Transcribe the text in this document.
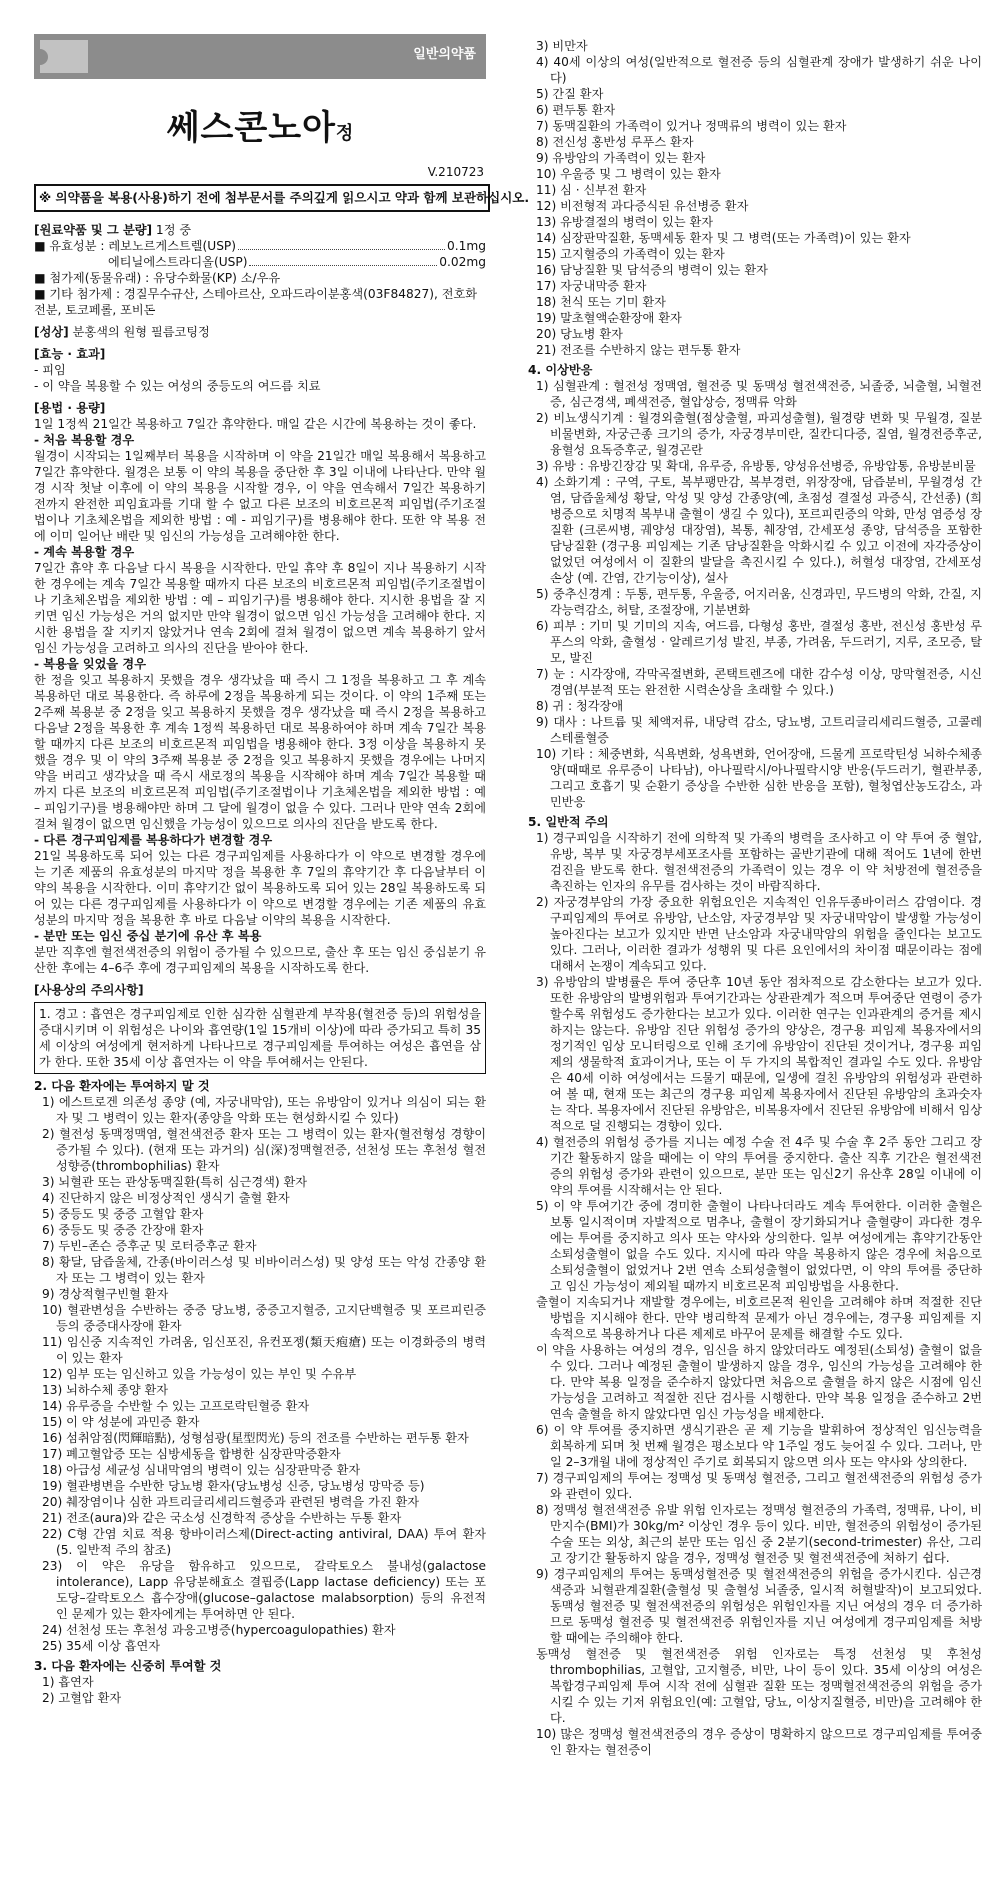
일반의약품
쎄스콘노아정
V.210723
※ 의약품을 복용(사용)하기 전에 첨부문서를 주의깊게 읽으시고 약과 함께 보관하십시오.
[원료약품 및 그 분량] 1정 중
■ 유효성분 : 레보노르게스트렐(USP)	0.1mg
에티닐에스트라디올(USP)	0.02mg
■ 첨가제(동물유래) : 유당수화물(KP) 소/우유
■ 기타 첨가제 : 경질무수규산, 스테아르산, 오파드라이분홍색(03F84827), 전호화전분, 토코페롤, 포비돈
[성상] 분홍색의 원형 필름코팅정
[효능 · 효과]
- 피임
- 이 약을 복용할 수 있는 여성의 중등도의 여드름 치료
[용법 · 용량]
1일 1정씩 21일간 복용하고 7일간 휴약한다. 매일 같은 시간에 복용하는 것이 좋다.
- 처음 복용할 경우
월경이 시작되는 1일째부터 복용을 시작하며 이 약을 21일간 매일 복용해서 복용하고 7일간 휴약한다. 월경은 보통 이 약의 복용을 중단한 후 3일 이내에 나타난다. 만약 월경 시작 첫날 이후에 이 약의 복용을 시작할 경우, 이 약을 연속해서 7일간 복용하기 전까지 완전한 피임효과를 기대 할 수 없고 다른 보조의 비호르몬적 피임법(주기조절법이나 기초체온법을 제외한 방법 : 예 - 피임기구)를 병용해야 한다. 또한 약 복용 전에 이미 일어난 배란 및 임신의 가능성을 고려해야한 한다.
- 계속 복용할 경우
7일간 휴약 후 다음날 다시 복용을 시작한다. 만일 휴약 후 8일이 지나 복용하기 시작한 경우에는 계속 7일간 복용할 때까지 다른 보조의 비호르몬적 피임법(주기조절법이나 기초체온법을 제외한 방법 : 예 – 피임기구)를 병용해야 한다. 지시한 용법을 잘 지키면 임신 가능성은 거의 없지만 만약 월경이 없으면 임신 가능성을 고려해야 한다. 지시한 용법을 잘 지키지 않았거나 연속 2회에 걸쳐 월경이 없으면 계속 복용하기 앞서 임신 가능성을 고려하고 의사의 진단을 받아야 한다.
- 복용을 잊었을 경우
한 정을 잊고 복용하지 못했을 경우 생각났을 때 즉시 그 1정을 복용하고 그 후 계속 복용하던 대로 복용한다. 즉 하루에 2정을 복용하게 되는 것이다. 이 약의 1주째 또는 2주째 복용분 중 2정을 잊고 복용하지 못했을 경우 생각났을 때 즉시 2정을 복용하고 다음날 2정을 복용한 후 계속 1정씩 복용하던 대로 복용하여야 하며 계속 7일간 복용할 때까지 다른 보조의 비호르몬적 피임법을 병용해야 한다. 3정 이상을 복용하지 못했을 경우 및 이 약의 3주째 복용분 중 2정을 잊고 복용하지 못했을 경우에는 나머지 약을 버리고 생각났을 때 즉시 새로정의 복용을 시작해야 하며 계속 7일간 복용할 때까지 다른 보조의 비호르몬적 피임법(주기조절법이나 기초체온법을 제외한 방법 : 예 – 피임기구)를 병용해야만 하며 그 달에 월경이 없을 수 있다. 그러나 만약 연속 2회에 걸쳐 월경이 없으면 임신했을 가능성이 있으므로 의사의 진단을 받도록 한다.
- 다른 경구피임제를 복용하다가 변경할 경우
21일 복용하도록 되어 있는 다른 경구피임제를 사용하다가 이 약으로 변경할 경우에는 기존 제품의 유효성분의 마지막 정을 복용한 후 7일의 휴약기간 후 다음날부터 이 약의 복용을 시작한다. 이미 휴약기간 없이 복용하도록 되어 있는 28일 복용하도록 되어 있는 다른 경구피임제를 사용하다가 이 약으로 변경할 경우에는 기존 제품의 유효성분의 마지막 정을 복용한 후 바로 다음날 이약의 복용을 시작한다.
- 분만 또는 임신 중십 분기에 유산 후 복용
분만 직후엔 혈전색전증의 위험이 증가될 수 있으므로, 출산 후 또는 임신 중십분기 유산한 후에는 4–6주 후에 경구피임제의 복용을 시작하도록 한다.
[사용상의 주의사항]
1. 경고 : 흡연은 경구피임제로 인한 심각한 심혈관계 부작용(혈전증 등)의 위험성을 증대시키며 이 위험성은 나이와 흡연량(1일 15개비 이상)에 따라 증가되고 특히 35세 이상의 여성에게 현저하게 나타나므로 경구피임제를 투여하는 여성은 흡연을 삼가 한다. 또한 35세 이상 흡연자는 이 약을 투여해서는 안된다.
2. 다음 환자에는 투여하지 말 것
1) 에스트로겐 의존성 종양 (예, 자궁내막암), 또는 유방암이 있거나 의심이 되는 환자 및 그 병력이 있는 환자(종양을 악화 또는 현성화시킬 수 있다)
2) 혈전성 동맥정맥염, 혈전색전증 환자 또는 그 병력이 있는 환자(혈전형성 경향이 증가될 수 있다). (현재 또는 과거의) 심(深)정맥혈전증, 선천성 또는 후천성 혈전성향증(thrombophilias) 환자
3) 뇌혈관 또는 관상동맥질환(특히 심근경색) 환자
4) 진단하지 않은 비정상적인 생식기 출혈 환자
5) 중등도 및 중증 고혈압 환자
6) 중등도 및 중증 간장애 환자
7) 두빈–존슨 증후군 및 로터증후군 환자
8) 황달, 담즙울체, 간종(바이러스성 및 비바이러스성) 및 양성 또는 악성 간종양 환자 또는 그 병력이 있는 환자
9) 경상적혈구빈혈 환자
10) 혈관변성을 수반하는 중증 당뇨병, 중증고지혈증, 고지단백혈증 및 포르피린증 등의 중증대사장애 환자
11) 임신중 지속적인 가려움, 임신포진, 유컨포젱(類天疱瘡) 또는 이경화증의 병력이 있는 환자
12) 임부 또는 임신하고 있을 가능성이 있는 부인 및 수유부
13) 뇌하수체 종양 환자
14) 유루증을 수반할 수 있는 고프로락틴혈증 환자
15) 이 약 성분에 과민증 환자
16) 섬취암점(閃輝暗點), 성형섬광(星型閃光) 등의 전조를 수반하는 편두통 환자
17) 폐고혈압증 또는 심방세동을 합병한 심장판막증환자
18) 아급성 세균성 심내막염의 병력이 있는 심장판막증 환자
19) 혈관병변을 수반한 당뇨병 환자(당뇨병성 신증, 당뇨병성 망막증 등)
20) 췌장염이나 심한 과트리글리세리드혈증과 관련된 병력을 가진 환자
21) 전조(aura)와 같은 국소성 신경학적 증상을 수반하는 두통 환자
22) C형 간염 치료 적용 항바이러스제(Direct-acting antiviral, DAA) 투여 환자(5. 일반적 주의 참조)
23) 이 약은 유당을 함유하고 있으므로, 갈락토오스 불내성(galactose intolerance), Lapp 유당분해효소 결핍증(Lapp lactase deficiency) 또는 포도당–갈락토오스 흡수장애(glucose–galactose malabsorption) 등의 유전적인 문제가 있는 환자에게는 투여하면 안 된다.
24) 선천성 또는 후천성 과응고병증(hypercoagulopathies) 환자
25) 35세 이상 흡연자
3. 다음 환자에는 신중히 투여할 것
1) 흡연자
2) 고혈압 환자
3) 비만자
4) 40세 이상의 여성(일반적으로 혈전증 등의 심혈관계 장애가 발생하기 쉬운 나이다)
5) 간질 환자
6) 편두통 환자
7) 동맥질환의 가족력이 있거나 정맥류의 병력이 있는 환자
8) 전신성 홍반성 루푸스 환자
9) 유방암의 가족력이 있는 환자
10) 우울증 및 그 병력이 있는 환자
11) 심 · 신부전 환자
12) 비전형적 과다증식된 유선병증 환자
13) 유방결절의 병력이 있는 환자
14) 심장판막질환, 동맥세동 환자 및 그 병력(또는 가족력)이 있는 환자
15) 고지혈증의 가족력이 있는 환자
16) 담낭질환 및 담석증의 병력이 있는 환자
17) 자궁내막증 환자
18) 천식 또는 기미 환자
19) 말초혈액순환장애 환자
20) 당뇨병 환자
21) 전조를 수반하지 않는 편두통 환자
4. 이상반응
1) 심혈관계 : 혈전성 정맥염, 혈전증 및 동맥성 혈전색전증, 뇌졸중, 뇌출혈, 뇌혈전증, 심근경색, 폐색전증, 혈압상승, 정맥류 악화
2) 비뇨생식기계 : 월경외출혈(점상출혈, 파괴성출혈), 월경량 변화 및 무월경, 질분비물변화, 자궁근종 크기의 증가, 자궁경부미란, 질칸디다증, 질염, 월경전증후군, 융혈성 요독증후군, 월경곤란
3) 유방 : 유방긴장감 및 확대, 유루증, 유방통, 양성유선병증, 유방압통, 유방분비물
4) 소화기계 : 구역, 구토, 복부팽만감, 복부경련, 위장장애, 담즙분비, 무월경성 간염, 담즙울체성 황달, 악성 및 양성 간종양(예, 초점성 결절성 과증식, 간선종) (희병증으로 치명적 복부내 출혈이 생길 수 있다), 포르피린증의 악화, 만성 염증성 장질환 (크론씨병, 궤양성 대장염), 복통, 췌장염, 간세포성 종양, 담석증을 포함한 담낭질환 (경구용 피임제는 기존 담낭질환을 악화시킬 수 있고 이전에 자각증상이 없었던 여성에서 이 질환의 발달을 촉진시킬 수 있다.), 허혈성 대장염, 간세포성 손상 (예. 간염, 간기능이상), 설사
5) 중추신경계 : 두통, 편두통, 우울증, 어지러움, 신경과민, 무드병의 악화, 간질, 지각능력감소, 허탈, 조절장애, 기분변화
6) 피부 : 기미 및 기미의 지속, 여드름, 다형성 홍반, 결절성 홍반, 전신성 홍반성 루푸스의 악화, 출혈성 · 알레르기성 발진, 부종, 가려움, 두드러기, 지루, 조모증, 탈모, 발진
7) 눈 : 시각장애, 각막곡절변화, 콘택트렌즈에 대한 감수성 이상, 망막혈전증, 시신경염(부분적 또는 완전한 시력손상을 초래할 수 있다.)
8) 귀 : 청각장애
9) 대사 : 나트륨 및 체액저류, 내당력 감소, 당뇨병, 고트리글리세리드혈증, 고콜레스테롤혈증
10) 기타 : 체중변화, 식욕변화, 성욕변화, 언어장애, 드물게 프로락틴성 뇌하수체종양(때때로 유루증이 나타남), 아나필락시/아나필락시양 반응(두드러기, 혈관부종, 그리고 호흡기 및 순환기 증상을 수반한 심한 반응을 포함), 혈청엽산농도감소, 과민반응
5. 일반적 주의
1) 경구피임을 시작하기 전에 의학적 및 가족의 병력을 조사하고 이 약 투여 중 혈압, 유방, 복부 및 자궁경부세포조사를 포함하는 골반기관에 대해 적어도 1년에 한번 검진을 받도록 한다. 혈전색전증의 가족력이 있는 경우 이 약 처방전에 혈전증을 촉진하는 인자의 유무를 검사하는 것이 바람직하다.
2) 자궁경부암의 가장 중요한 위험요인은 지속적인 인유두종바이러스 감염이다. 경구피임제의 투여로 유방암, 난소암, 자궁경부암 및 자궁내막암이 발생할 가능성이 높아진다는 보고가 있지만 반면 난소암과 자궁내막암의 위험을 줄인다는 보고도 있다. 그러나, 이러한 결과가 성행위 및 다른 요인에서의 차이점 때문이라는 점에 대해서 논쟁이 계속되고 있다.
3) 유방암의 발병률은 투여 중단후 10년 동안 점차적으로 감소한다는 보고가 있다. 또한 유방암의 발병위험과 투여기간과는 상관관계가 적으며 투여중단 연령이 증가할수록 위험성도 증가한다는 보고가 있다. 이러한 연구는 인과관계의 증거를 제시하지는 않는다. 유방암 진단 위험성 증가의 양상은, 경구용 피임제 복용자에서의 정기적인 임상 모니터링으로 인해 조기에 유방암이 진단된 것이거나, 경구용 피임제의 생물학적 효과이거나, 또는 이 두 가지의 복합적인 결과일 수도 있다. 유방암은 40세 이하 여성에서는 드물기 때문에, 일생에 걸친 유방암의 위험성과 관련하여 볼 때, 현재 또는 최근의 경구용 피임제 복용자에서 진단된 유방암의 초과숫자는 작다. 복용자에서 진단된 유방암은, 비복용자에서 진단된 유방암에 비해서 임상적으로 덜 진행되는 경향이 있다.
4) 혈전증의 위험성 증가를 지니는 예정 수술 전 4주 및 수술 후 2주 동안 그리고 장기간 활동하지 않을 때에는 이 약의 투여를 중지한다. 출산 직후 기간은 혈전색전증의 위험성 증가와 관련이 있으므로, 분만 또는 임신2기 유산후 28일 이내에 이 약의 투여를 시작해서는 안 된다.
5) 이 약 투여기간 중에 경미한 출혈이 나타나더라도 계속 투여한다. 이러한 출혈은 보통 일시적이며 자발적으로 멈추나, 출혈이 장기화되거나 출혈량이 과다한 경우에는 투여를 중지하고 의사 또는 약사와 상의한다. 일부 여성에게는 휴약기간동안 소퇴성출혈이 없을 수도 있다. 지시에 따라 약을 복용하지 않은 경우에 처음으로 소퇴성출혈이 없었거나 2번 연속 소퇴성출혈이 없었다면, 이 약의 투여를 중단하고 임신 가능성이 제외될 때까지 비호르몬적 피임방법을 사용한다.
출혈이 지속되거나 재발할 경우에는, 비호르몬적 원인을 고려해야 하며 적절한 진단방법을 지시해야 한다. 만약 병리학적 문제가 아닌 경우에는, 경구용 피임제를 지속적으로 복용하거나 다른 제제로 바꾸어 문제를 해결할 수도 있다.
이 약을 사용하는 여성의 경우, 임신을 하지 않았더라도 예정된(소퇴성) 출혈이 없을 수 있다. 그러나 예정된 출혈이 발생하지 않을 경우, 임신의 가능성을 고려해야 한다. 만약 복용 일정을 준수하지 않았다면 처음으로 출혈을 하지 않은 시점에 임신 가능성을 고려하고 적절한 진단 검사를 시행한다. 만약 복용 일정을 준수하고 2번 연속 출혈을 하지 않았다면 임신 가능성을 배제한다.
6) 이 약 투여를 중지하면 생식기관은 곧 제 기능을 발휘하여 정상적인 임신능력을 회복하게 되며 첫 번째 월경은 평소보다 약 1주일 정도 늦어질 수 있다. 그러나, 만일 2–3개월 내에 정상적인 주기로 회복되지 않으면 의사 또는 약사와 상의한다.
7) 경구피임제의 투여는 정맥성 및 동맥성 혈전증, 그리고 혈전색전증의 위험성 증가와 관련이 있다.
8) 정맥성 혈전색전증 유발 위험 인자로는 정맥성 혈전증의 가족력, 정맥류, 나이, 비만지수(BMI)가 30kg/m² 이상인 경우 등이 있다. 비만, 혈전증의 위험성이 증가된 수술 또는 외상, 최근의 분만 또는 임신 중 2분기(second-trimester) 유산, 그리고 장기간 활동하지 않을 경우, 정맥성 혈전증 및 혈전색전증에 처하기 쉽다.
9) 경구피임제의 투여는 동맥성혈전증 및 혈전색전증의 위험을 증가시킨다. 심근경색증과 뇌혈관계질환(출혈성 및 출혈성 뇌졸중, 일시적 허혈발작)이 보고되었다. 동맥성 혈전증 및 혈전색전증의 위험성은 위험인자를 지닌 여성의 경우 더 증가하므로 동맥성 혈전증 및 혈전색전증 위험인자를 지닌 여성에게 경구피임제를 처방할 때에는 주의해야 한다.
동맥성 혈전증 및 혈전색전증 위험 인자로는 특정 선천성 및 후천성 thrombophilias, 고혈압, 고지혈증, 비만, 나이 등이 있다. 35세 이상의 여성은 복합경구피임제 투여 시작 전에 심혈관 질환 또는 정맥혈전색전증의 위험을 증가시킬 수 있는 기저 위험요인(예: 고혈압, 당뇨, 이상지질혈증, 비만)을 고려해야 한다.
10) 많은 정맥성 혈전색전증의 경우 증상이 명확하지 않으므로 경구피임제를 투여중인 환자는 혈전증이
